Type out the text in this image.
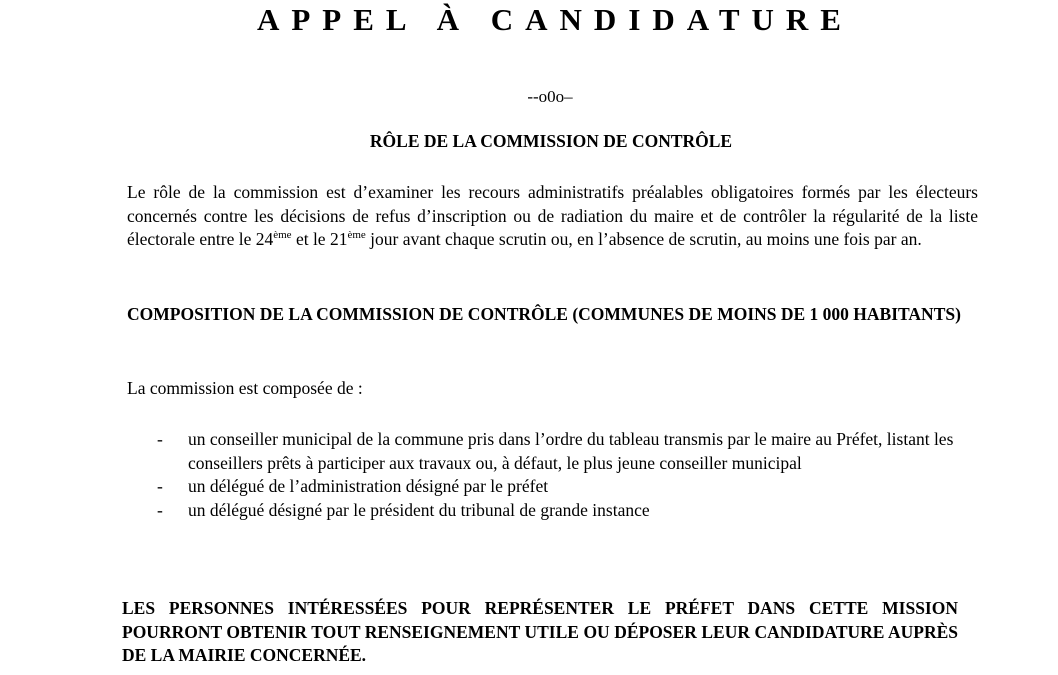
APPEL À CANDIDATURE

--o0o–

RÔLE DE LA COMMISSION DE CONTRÔLE

Le rôle de la commission est d’examiner les recours administratifs préalables obligatoires formés par les électeurs concernés contre les décisions de refus d’inscription ou de radiation du maire et de contrôler la régularité de la liste électorale entre le 24ème et le 21ème jour avant chaque scrutin ou, en l’absence de scrutin, au moins une fois par an.

COMPOSITION DE LA COMMISSION DE CONTRÔLE (COMMUNES DE MOINS DE 1 000 HABITANTS)

La commission est composée de :

- un conseiller municipal de la commune pris dans l’ordre du tableau transmis par le maire au Préfet, listant les conseillers prêts à participer aux travaux ou, à défaut, le plus jeune conseiller municipal
- un délégué de l’administration désigné par le préfet
- un délégué désigné par le président du tribunal de grande instance

LES PERSONNES INTÉRESSÉES POUR REPRÉSENTER LE PRÉFET DANS CETTE MISSION POURRONT OBTENIR TOUT RENSEIGNEMENT UTILE OU DÉPOSER LEUR CANDIDATURE AUPRÈS DE LA MAIRIE CONCERNÉE.
